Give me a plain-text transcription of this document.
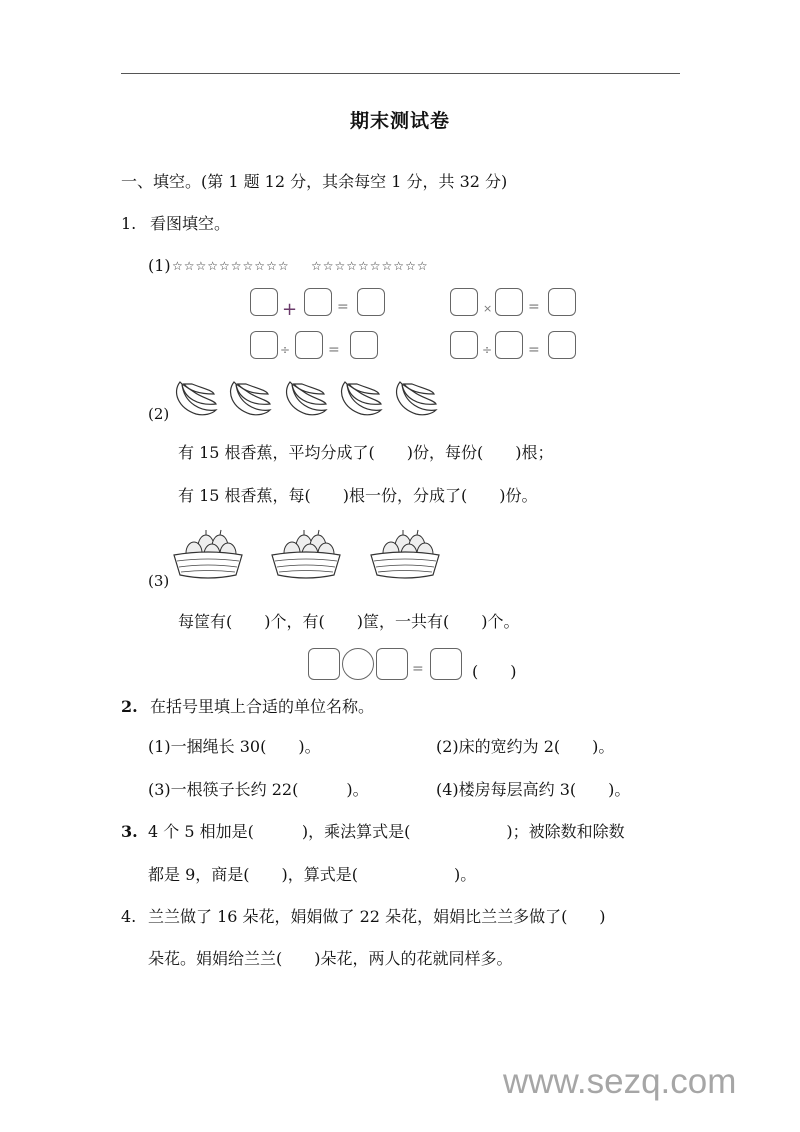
期末测试卷
一、填空。(第 1 题 12 分，其余每空 1 分，共 32 分)
1. 看图填空。
(1) ☆☆☆☆☆☆☆☆☆☆ ☆☆☆☆☆☆☆☆☆☆
+	=	×	=
÷	=	÷	=
(2)
有 15 根香蕉，平均分成了(　　)份，每份(　　)根；
有 15 根香蕉，每(　　)根一份，分成了(　　)份。
(3)
每筐有(　　)个，有(　　)筐，一共有(　　)个。
=	(　　)
2. 在括号里填上合适的单位名称。
(1)一捆绳长 30(　　)。	(2)床的宽约为 2(　　)。
(3)一根筷子长约 22(　　　)。	(4)楼房每层高约 3(　　)。
3. 4 个 5 相加是(　　　)，乘法算式是(　　　　　　)；被除数和除数
都是 9，商是(　　)，算式是(　　　　　　)。
4. 兰兰做了 16 朵花，娟娟做了 22 朵花，娟娟比兰兰多做了(　　)
朵花。娟娟给兰兰(　　)朵花，两人的花就同样多。
www.sezq.com
